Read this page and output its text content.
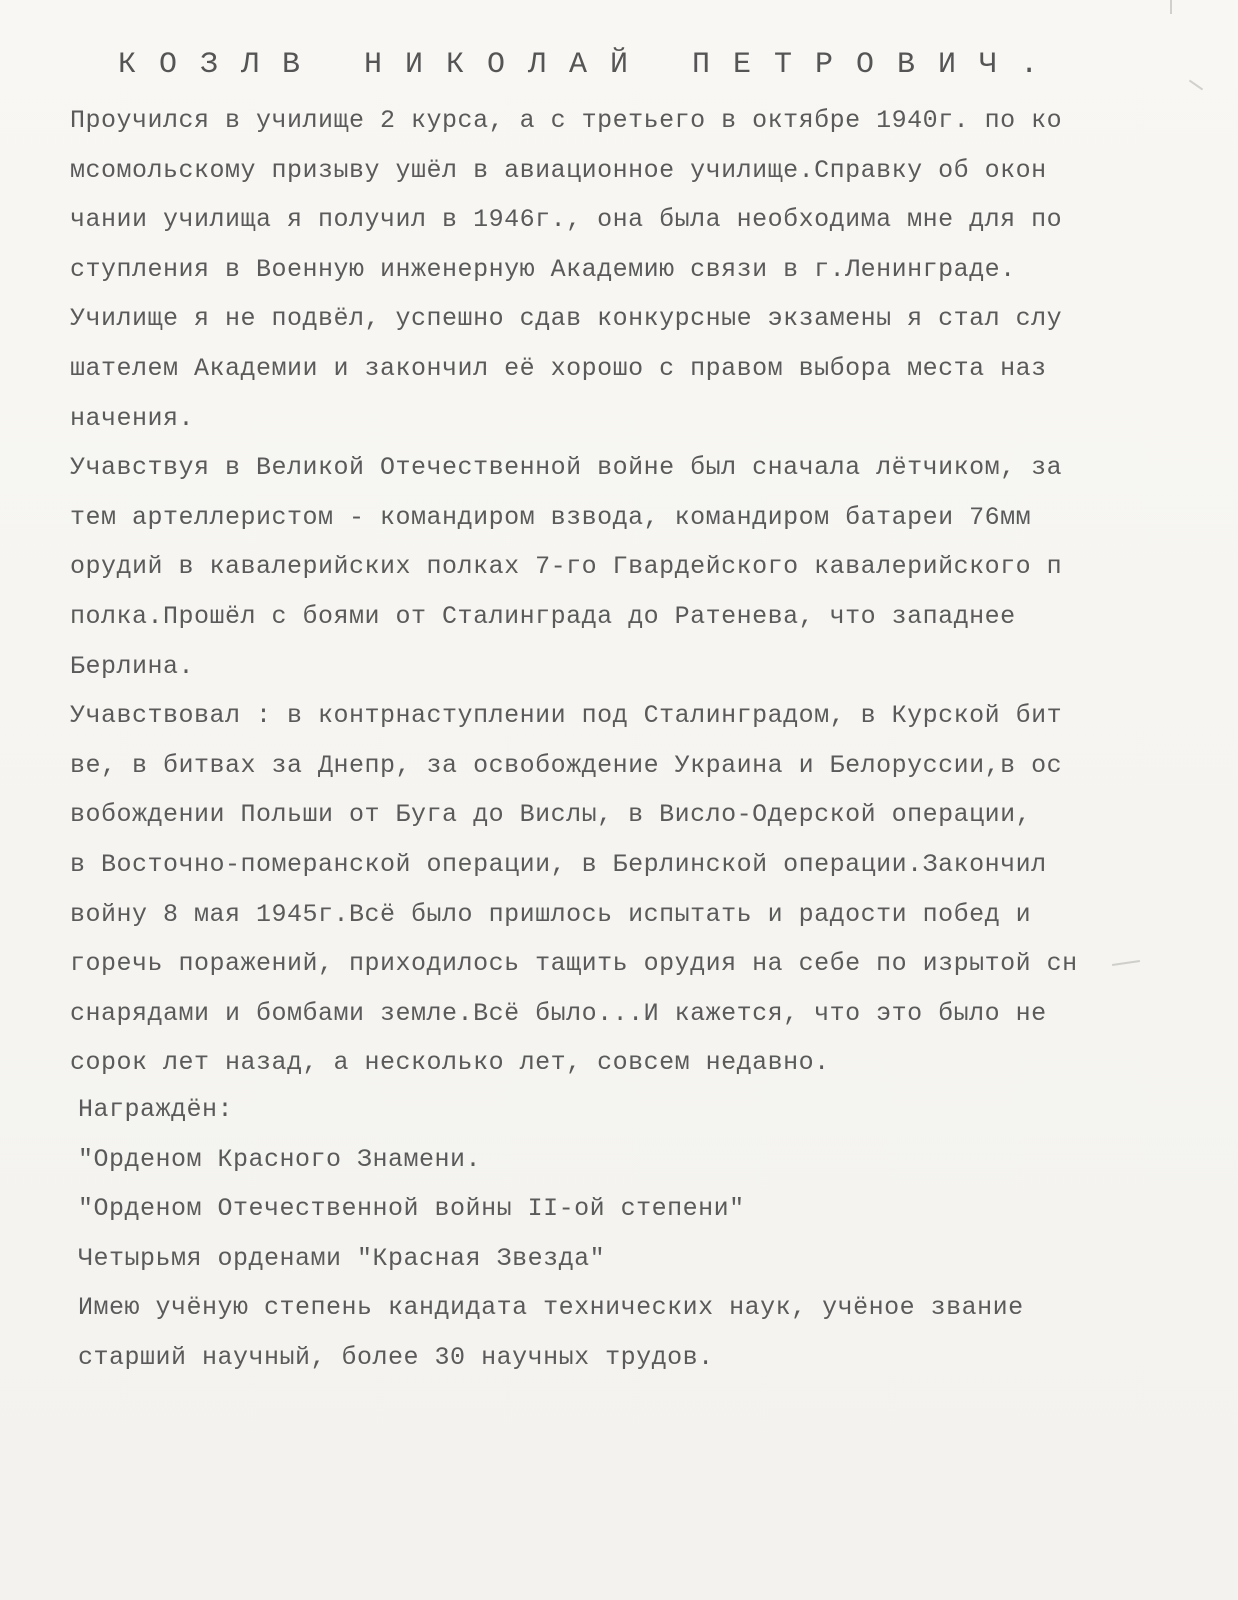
КОЗЛВ НИКОЛАЙ ПЕТРОВИЧ.
Проучился в училище 2 курса, а с третьего в октябре 1940г. по ко
мсомольскому призыву ушёл в авиационное училище.Справку об окон
чании училища я получил в 1946г., она была необходима мне для по
ступления в Военную инженерную Академию связи в г.Ленинграде.
Училище я не подвёл, успешно сдав конкурсные экзамены я стал слу
шателем Академии и закончил её хорошо с правом выбора места наз
начения.
Учавствуя в Великой Отечественной войне был сначала лётчиком, за
тем артеллеристом - командиром взвода, командиром батареи 76мм
орудий в кавалерийских полках 7-го Гвардейского кавалерийского п
полка.Прошёл с боями от Сталинграда до Ратенева, что западнее
Берлина.
Учавствовал : в контрнаступлении под Сталинградом, в Курской бит
ве, в битвах за Днепр, за освобождение Украина и Белоруссии,в ос
вобождении Польши от Буга до Вислы, в Висло-Одерской операции,
в Восточно-померанской операции, в Берлинской операции.Закончил
войну 8 мая 1945г.Всё было пришлось испытать и радости побед и
горечь поражений, приходилось тащить орудия на себе по изрытой сн
снарядами и бомбами земле.Всё было...И кажется, что это было не
сорок лет назад, а несколько лет, совсем недавно.
Награждён:
"Орденом Красного Знамени.
"Орденом Отечественной войны II-ой степени"
Четырьмя орденами "Красная Звезда"
Имею учёную степень кандидата технических наук, учёное звание
старший научный, более 30 научных трудов.
